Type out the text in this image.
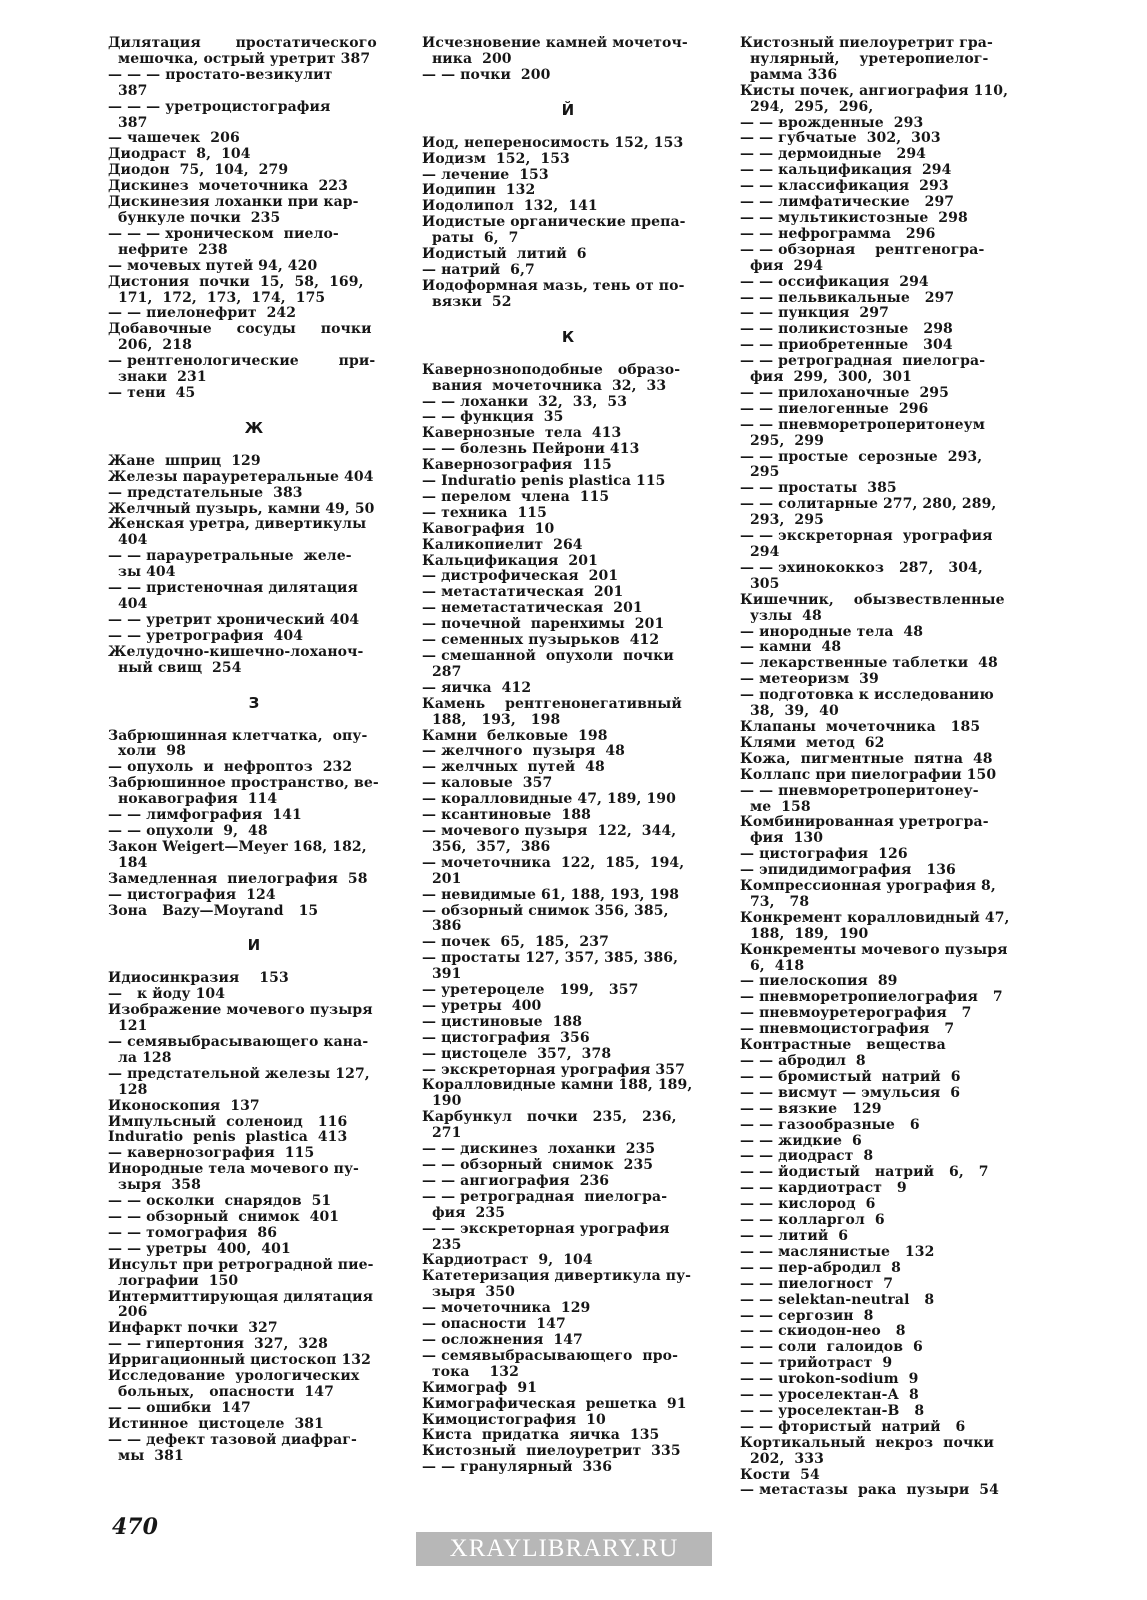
Дилятация       простатического
мешочка, острый уретрит 387
— — — простато-везикулит
387
— — — уретроцистография
387
— чашечек  206
Диодраст  8,  104
Диодон  75,  104,  279
Дискинез  мочеточника  223
Дискинезия лоханки при кар-
бункуле почки  235
— — — хроническом  пиело-
нефрите  238
— мочевых путей 94, 420
Дистония  почки  15,  58,  169,
171,  172,  173,  174,  175
— — пиелонефрит  242
Добавочные     сосуды     почки
206,  218
— рентгенологические        при-
знаки  231
— тени  45
Ж
Жане  шприц  129
Железы парауретеральные 404
— предстательные  383
Желчный пузырь, камни 49, 50
Женская уретра, дивертикулы
404
— — парауретральные  желе-
зы 404
— — пристеночная дилятация
404
— — уретрит хронический 404
— — уретрография  404
Желудочно-кишечно-лоханоч-
ный свищ  254
З
Забрюшинная клетчатка,  опу-
холи  98
— опухоль  и  нефроптоз  232
Забрюшинное пространство, ве-
нокавография  114
— — лимфография  141
— — опухоли  9,  48
Закон Weigert—Meyer 168, 182,
184
Замедленная  пиелография  58
— цистография  124
Зона   Bazy—Moyrand   15
И
Идиосинкразия    153
—   к йоду 104
Изображение мочевого пузыря
121
— семявыбрасывающего кана-
ла 128
— предстательной железы 127,
128
Иконоскопия  137
Импульсный  соленоид   116
Induratio  penis  plastica  413
— кавернозография  115
Инородные тела мочевого пу-
зыря  358
— — осколки  снарядов  51
— — обзорный  снимок  401
— — томография  86
— — уретры  400,  401
Инсульт при ретроградной пие-
лографии  150
Интермиттирующая дилятация
206
Инфаркт почки  327
— — гипертония  327,  328
Ирригационный цистоскоп 132
Исследование  урологических
больных,   опасности  147
— — ошибки  147
Истинное  цистоцеле  381
— — дефект тазовой диафраг-
мы  381
Исчезновение камней мочеточ-
ника  200
— — почки  200
Й
Йод, непереносимость 152, 153
Йодизм  152,  153
— лечение  153
Йодипин  132
Йодолипол  132,  141
Йодистые органические препа-
раты  6,  7
Йодистый  литий  6
— натрий  6,7
Йодоформная мазь, тень от по-
вязки  52
К
Кавернозноподобные   образо-
вания  мочеточника  32,  33
— — лоханки  32,  33,  53
— — функция  35
Кавернозные  тела  413
— — болезнь Пейрони 413
Кавернозография  115
— Induratio penis plastica 115
— перелом  члена  115
— техника  115
Кавография  10
Каликопиелит  264
Кальцификация  201
— дистрофическая  201
— метастатическая  201
— неметастатическая  201
— почечной  паренхимы  201
— семенных пузырьков  412
— смешанной  опухоли  почки
287
— яичка  412
Камень    рентгенонегативный
188,   193,   198
Камни  белковые  198
— желчного  пузыря  48
— желчных  путей  48
— каловые  357
— коралловидные 47, 189, 190
— ксантиновые  188
— мочевого пузыря  122,  344,
356,  357,  386
— мочеточника  122,  185,  194,
201
— невидимые 61, 188, 193, 198
— обзорный снимок 356, 385,
386
— почек  65,  185,  237
— простаты 127, 357, 385, 386,
391
— уретероцеле   199,   357
— уретры  400
— цистиновые  188
— цистография  356
— цистоцеле  357,  378
— экскреторная урография 357
Коралловидные камни 188, 189,
190
Карбункул   почки   235,   236,
271
— — дискинез  лоханки  235
— — обзорный  снимок  235
— — ангиография  236
— — ретроградная  пиелогра-
фия  235
— — экскреторная урография
235
Кардиотраст  9,  104
Катетеризация дивертикула пу-
зыря  350
— мочеточника  129
— опасности  147
— осложнения  147
— семявыбрасывающего  про-
тока    132
Кимограф  91
Кимографическая  решетка  91
Кимоцистография  10
Киста  придатка  яичка  135
Кистозный  пиелоуретрит  335
— — гранулярный  336
Кистозный пиелоуретрит гра-
нулярный,    уретеропиелог-
рамма 336
Кисты почек, ангиография 110,
294,  295,  296,
— — врожденные  293
— — губчатые  302,  303
— — дермоидные   294
— — кальцификация  294
— — классификация  293
— — лимфатические   297
— — мультикистозные  298
— — нефрограмма   296
— — обзорная    рентгеногра-
фия  294
— — оссификация  294
— — пельвикальные   297
— — пункция  297
— — поликистозные   298
— — приобретенные   304
— — ретроградная  пиелогра-
фия  299,  300,  301
— — прилоханочные  295
— — пиелогенные  296
— — пневморетроперитонеум
295,  299
— — простые  серозные  293,
295
— — простаты  385
— — солитарные 277, 280, 289,
293,  295
— — экскреторная  урография
294
— — эхинококкоз   287,   304,
305
Кишечник,    обызвествленные
узлы  48
— инородные тела  48
— камни  48
— лекарственные таблетки  48
— метеоризм  39
— подготовка к исследованию
38,  39,  40
Клапаны  мочеточника   185
Клями  метод  62
Кожа,  пигментные  пятна  48
Коллапс при пиелографии 150
— — пневморетроперитонеу-
ме  158
Комбинированная уретрогра-
фия  130
— цистография  126
— эпидидимография   136
Компрессионная урография 8,
73,   78
Конкремент коралловидный 47,
188,  189,  190
Конкременты мочевого пузыря
6,  418
— пиелоскопия  89
— пневморетропиелография   7
— пневмоуретерография   7
— пневмоцистография   7
Контрастные   вещества
— — абродил  8
— — бромистый  натрий  6
— — висмут — эмульсия  6
— — вязкие   129
— — газообразные   6
— — жидкие  6
— — диодраст  8
— — йодистый   натрий   6,   7
— — кардиотраст   9
— — кислород  6
— — колларгол  6
— — литий  6
— — маслянистые   132
— — пер-абродил  8
— — пиелогност  7
— — selektan-neutral   8
— — сергозин  8
— — скиодон-нео   8
— — соли  галоидов  6
— — трийотраст  9
— — urokon-sodium  9
— — уроселектан-А  8
— — уроселектан-В   8
— — фтористый  натрий   6
Кортикальный  некроз  почки
202,  333
Кости  54
— метастазы  рака  пузыри  54
470
XRAYLIBRARY.RU
